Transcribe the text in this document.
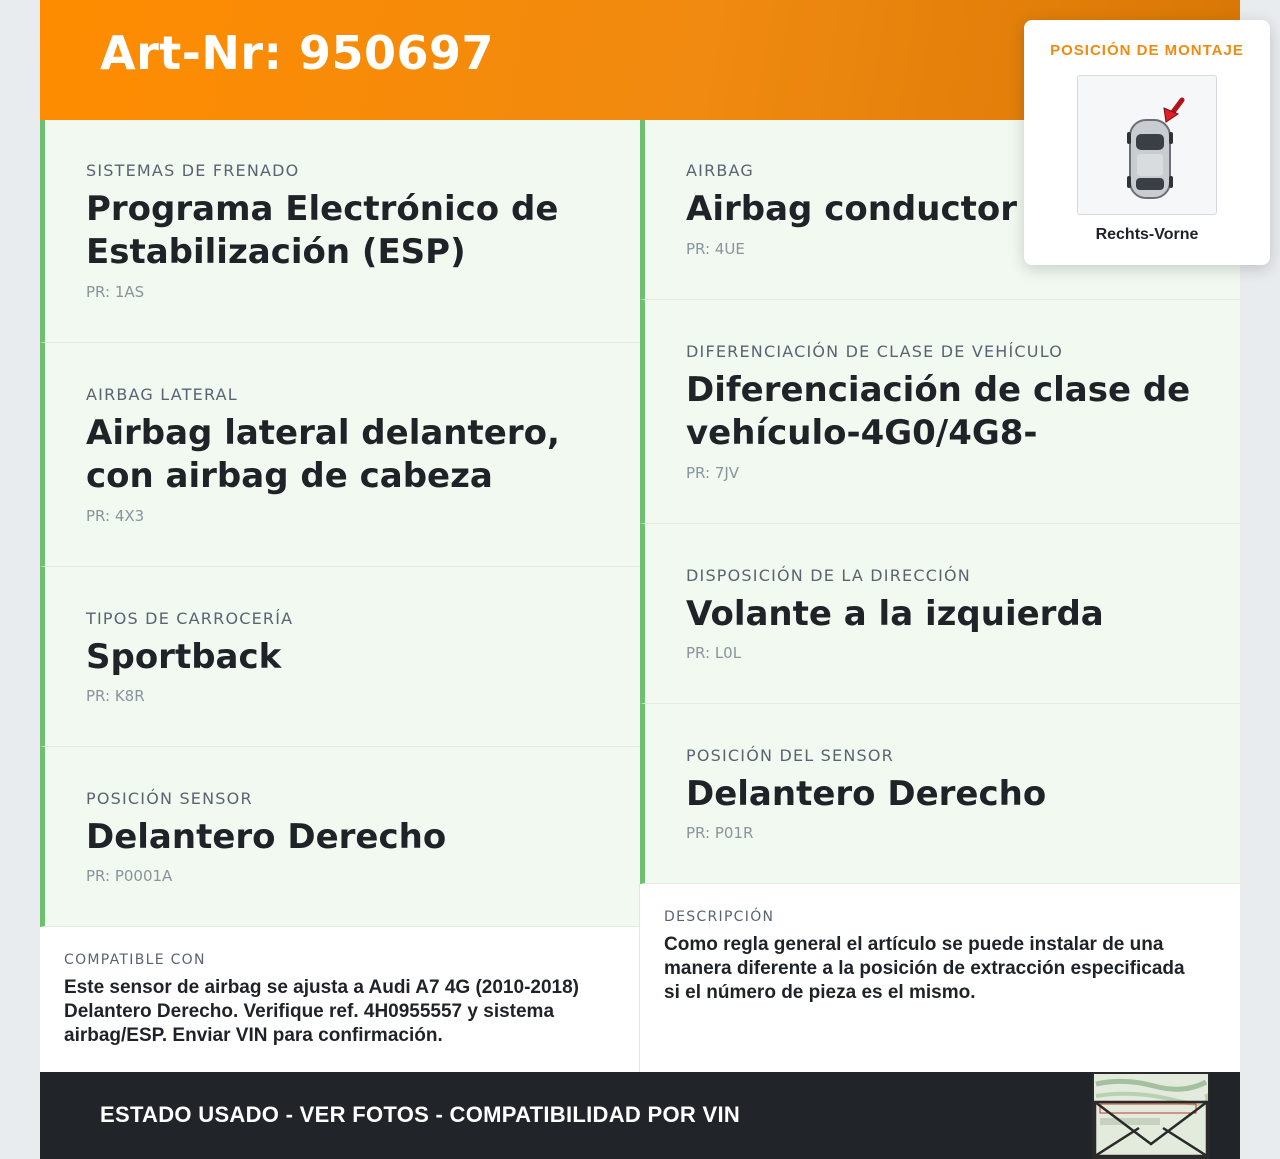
Art-Nr: 950697
SISTEMAS DE FRENADO
Programa Electrónico de Estabilización (ESP)
PR: 1AS
AIRBAG LATERAL
Airbag lateral delantero, con airbag de cabeza
PR: 4X3
TIPOS DE CARROCERÍA
Sportback
PR: K8R
POSICIÓN SENSOR
Delantero Derecho
PR: P0001A
AIRBAG
Airbag conductor
PR: 4UE
DIFERENCIACIÓN DE CLASE DE VEHÍCULO
Diferenciación de clase de vehículo-4G0/4G8-
PR: 7JV
DISPOSICIÓN DE LA DIRECCIÓN
Volante a la izquierda
PR: L0L
POSICIÓN DEL SENSOR
Delantero Derecho
PR: P01R
COMPATIBLE CON
Este sensor de airbag se ajusta a Audi A7 4G (2010-2018) Delantero Derecho. Verifique ref. 4H0955557 y sistema airbag/ESP. Enviar VIN para confirmación.
DESCRIPCIÓN
Como regla general el artículo se puede instalar de una manera diferente a la posición de extracción especificada si el número de pieza es el mismo.
ESTADO USADO - VER FOTOS - COMPATIBILIDAD POR VIN
POSICIÓN DE MONTAJE
Rechts-Vorne
